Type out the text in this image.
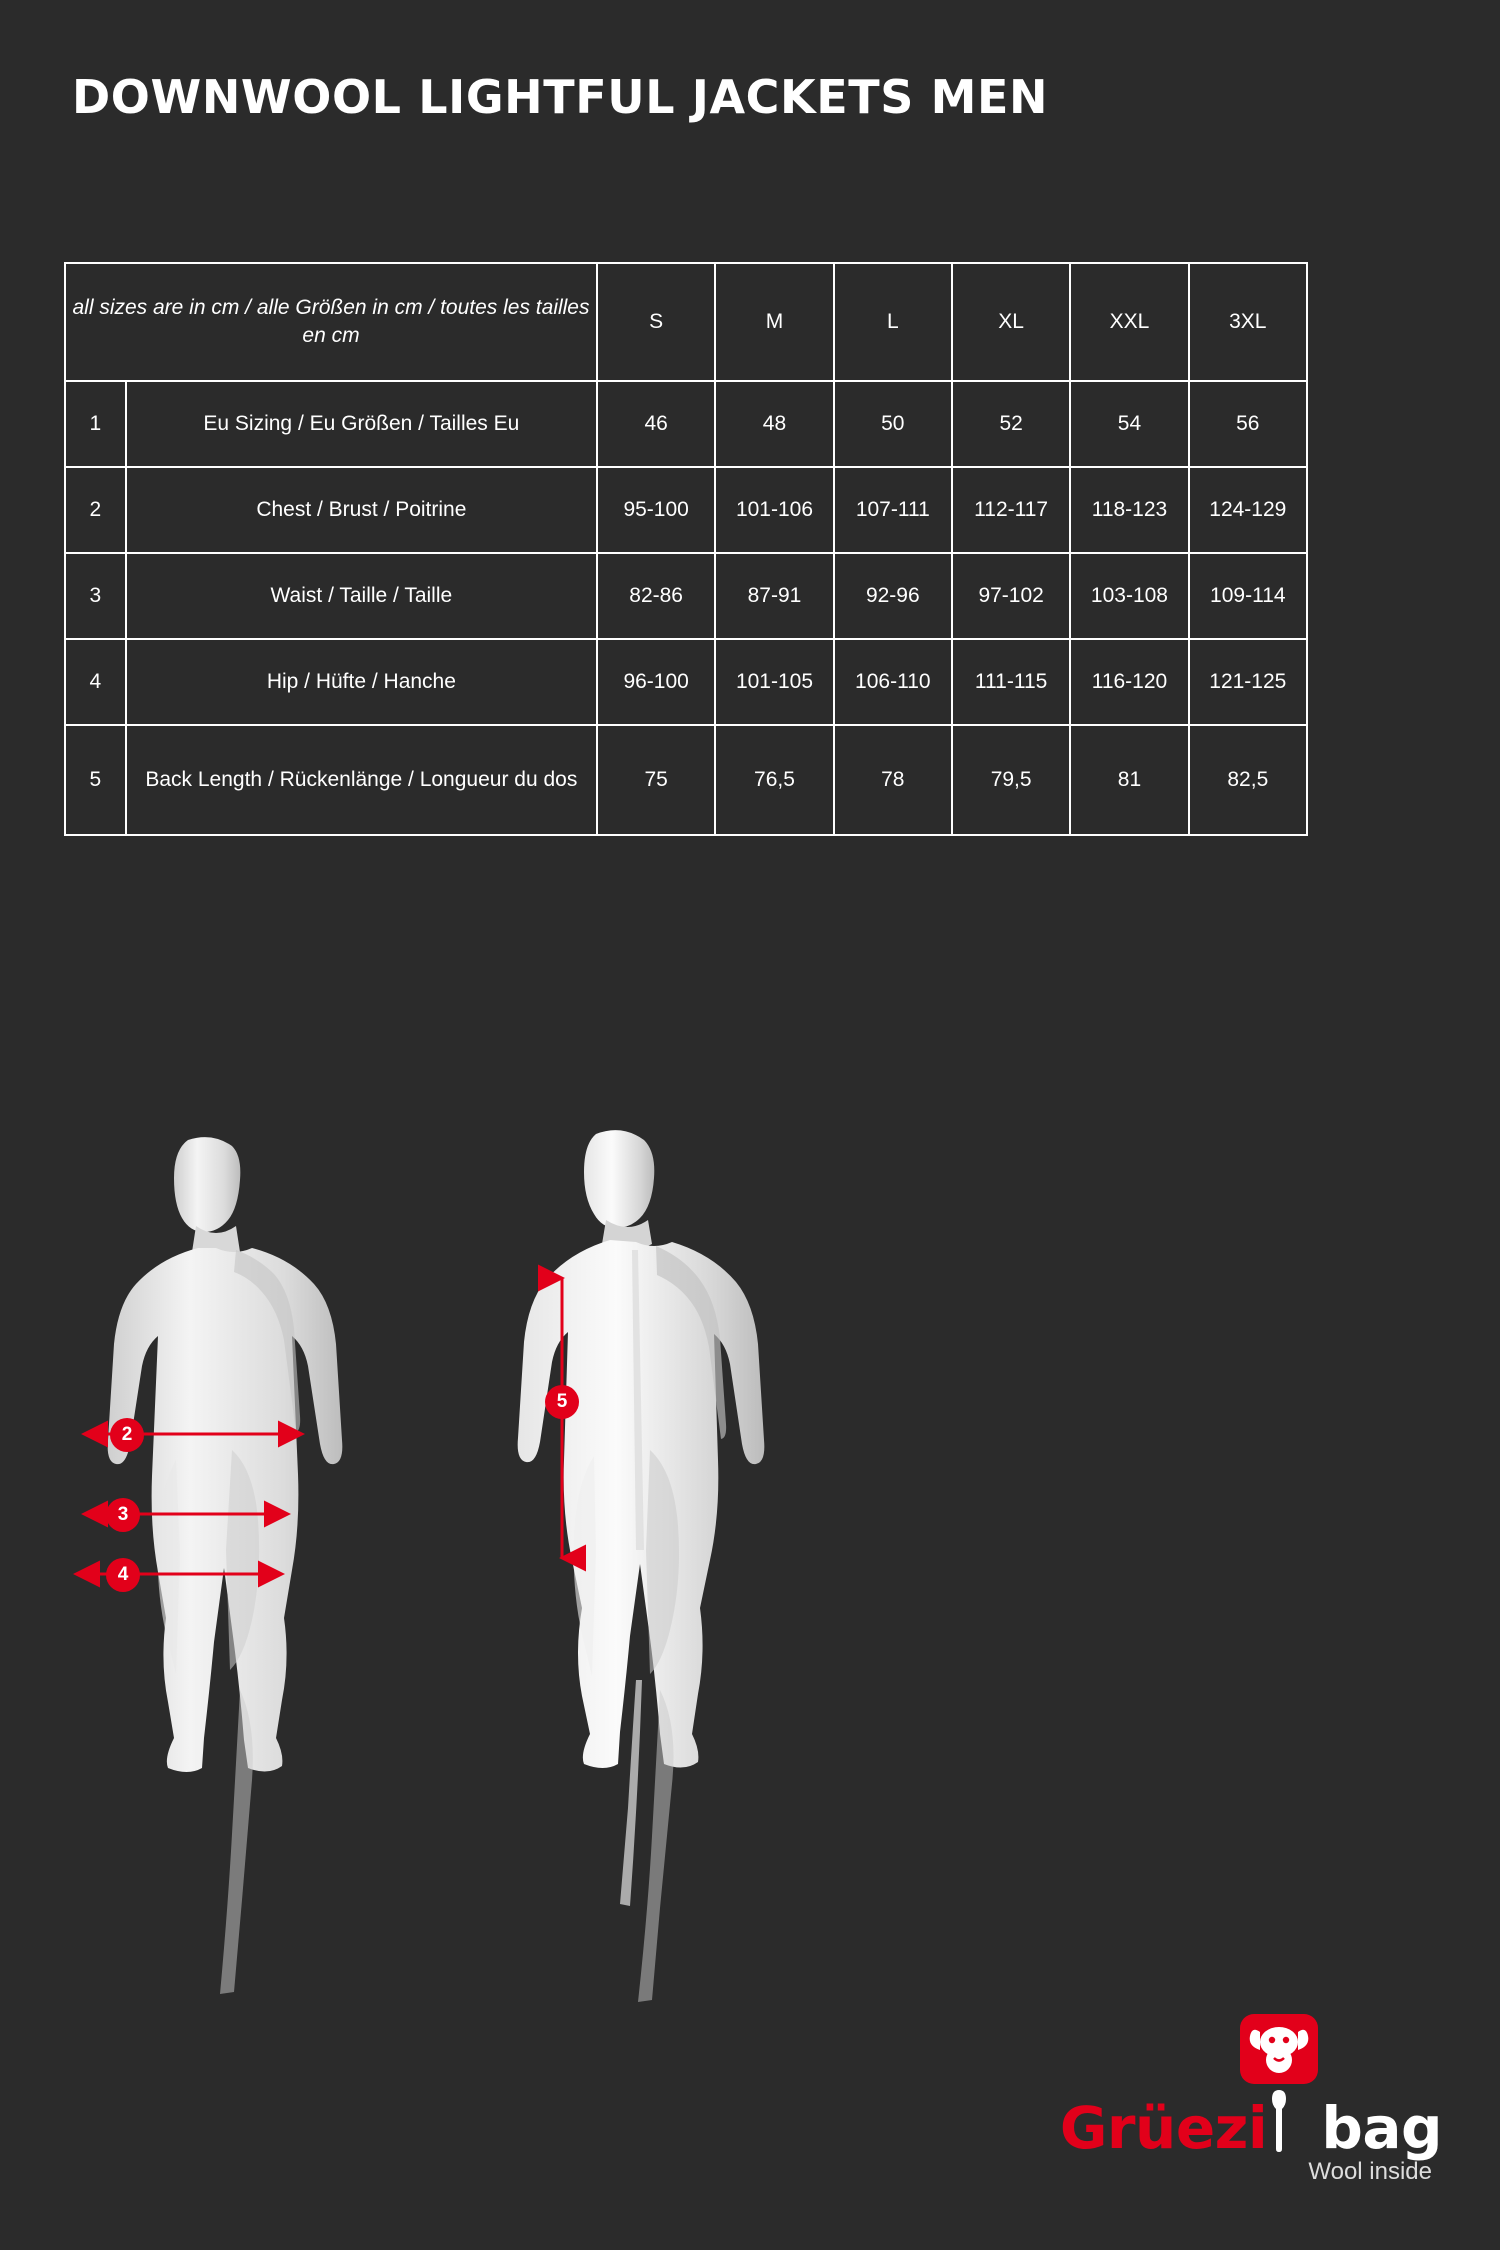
DOWNWOOL LIGHTFUL JACKETS MEN
all sizes are in cm / alle Größen in cm / toutes les tailles en cm		S	M	L	XL	XXL	3XL
1	Eu Sizing / Eu Größen / Tailles Eu	46	48	50	52	54	56
2	Chest / Brust / Poitrine	95-100	101-106	107-111	112-117	118-123	124-129
3	Waist / Taille / Taille	82-86	87-91	92-96	97-102	103-108	109-114
4	Hip / Hüfte / Hanche	96-100	101-105	106-110	111-115	116-120	121-125
5	Back Length / Rückenlänge / Longueur du dos	75	76,5	78	79,5	81	82,5
2
3
4
5
Grüezi bag
Wool inside
